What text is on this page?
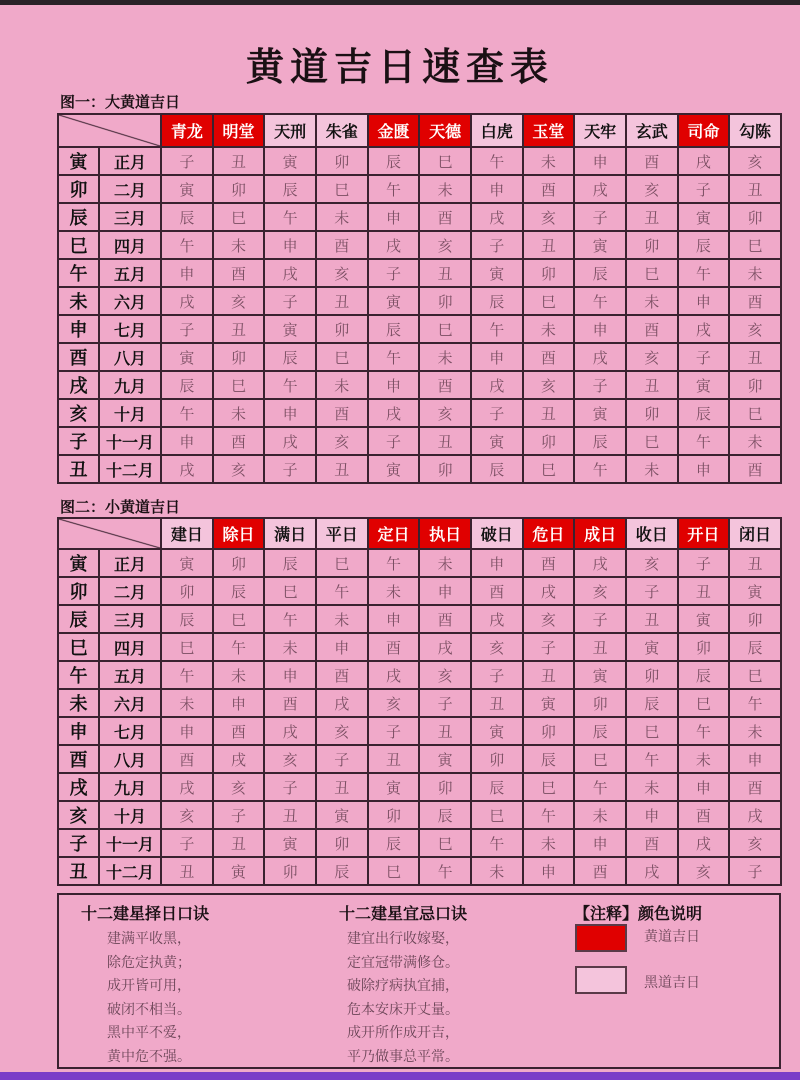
黄道吉日速查表
图一：大黄道吉日
		青龙	明堂	天刑	朱雀	金匮	天德	白虎	玉堂	天牢	玄武	司命	勾陈
寅	正月	子	丑	寅	卯	辰	巳	午	未	申	酉	戌	亥
卯	二月	寅	卯	辰	巳	午	未	申	酉	戌	亥	子	丑
辰	三月	辰	巳	午	未	申	酉	戌	亥	子	丑	寅	卯
巳	四月	午	未	申	酉	戌	亥	子	丑	寅	卯	辰	巳
午	五月	申	酉	戌	亥	子	丑	寅	卯	辰	巳	午	未
未	六月	戌	亥	子	丑	寅	卯	辰	巳	午	未	申	酉
申	七月	子	丑	寅	卯	辰	巳	午	未	申	酉	戌	亥
酉	八月	寅	卯	辰	巳	午	未	申	酉	戌	亥	子	丑
戌	九月	辰	巳	午	未	申	酉	戌	亥	子	丑	寅	卯
亥	十月	午	未	申	酉	戌	亥	子	丑	寅	卯	辰	巳
子	十一月	申	酉	戌	亥	子	丑	寅	卯	辰	巳	午	未
丑	十二月	戌	亥	子	丑	寅	卯	辰	巳	午	未	申	酉
图二：小黄道吉日
		建日	除日	满日	平日	定日	执日	破日	危日	成日	收日	开日	闭日
寅	正月	寅	卯	辰	巳	午	未	申	酉	戌	亥	子	丑
卯	二月	卯	辰	巳	午	未	申	酉	戌	亥	子	丑	寅
辰	三月	辰	巳	午	未	申	酉	戌	亥	子	丑	寅	卯
巳	四月	巳	午	未	申	酉	戌	亥	子	丑	寅	卯	辰
午	五月	午	未	申	酉	戌	亥	子	丑	寅	卯	辰	巳
未	六月	未	申	酉	戌	亥	子	丑	寅	卯	辰	巳	午
申	七月	申	酉	戌	亥	子	丑	寅	卯	辰	巳	午	未
酉	八月	酉	戌	亥	子	丑	寅	卯	辰	巳	午	未	申
戌	九月	戌	亥	子	丑	寅	卯	辰	巳	午	未	申	酉
亥	十月	亥	子	丑	寅	卯	辰	巳	午	未	申	酉	戌
子	十一月	子	丑	寅	卯	辰	巳	午	未	申	酉	戌	亥
丑	十二月	丑	寅	卯	辰	巳	午	未	申	酉	戌	亥	子
十二建星择日口诀
建满平收黑，
除危定执黄；
成开皆可用，
破闭不相当。
黑中平不爱，
黄中危不强。
十二建星宜忌口诀
建宜出行收嫁娶，
定宜冠带满修仓。
破除疗病执宜捕，
危本安床开丈量。
成开所作成开吉，
平乃做事总平常。
【注释】颜色说明
黄道吉日
黑道吉日
